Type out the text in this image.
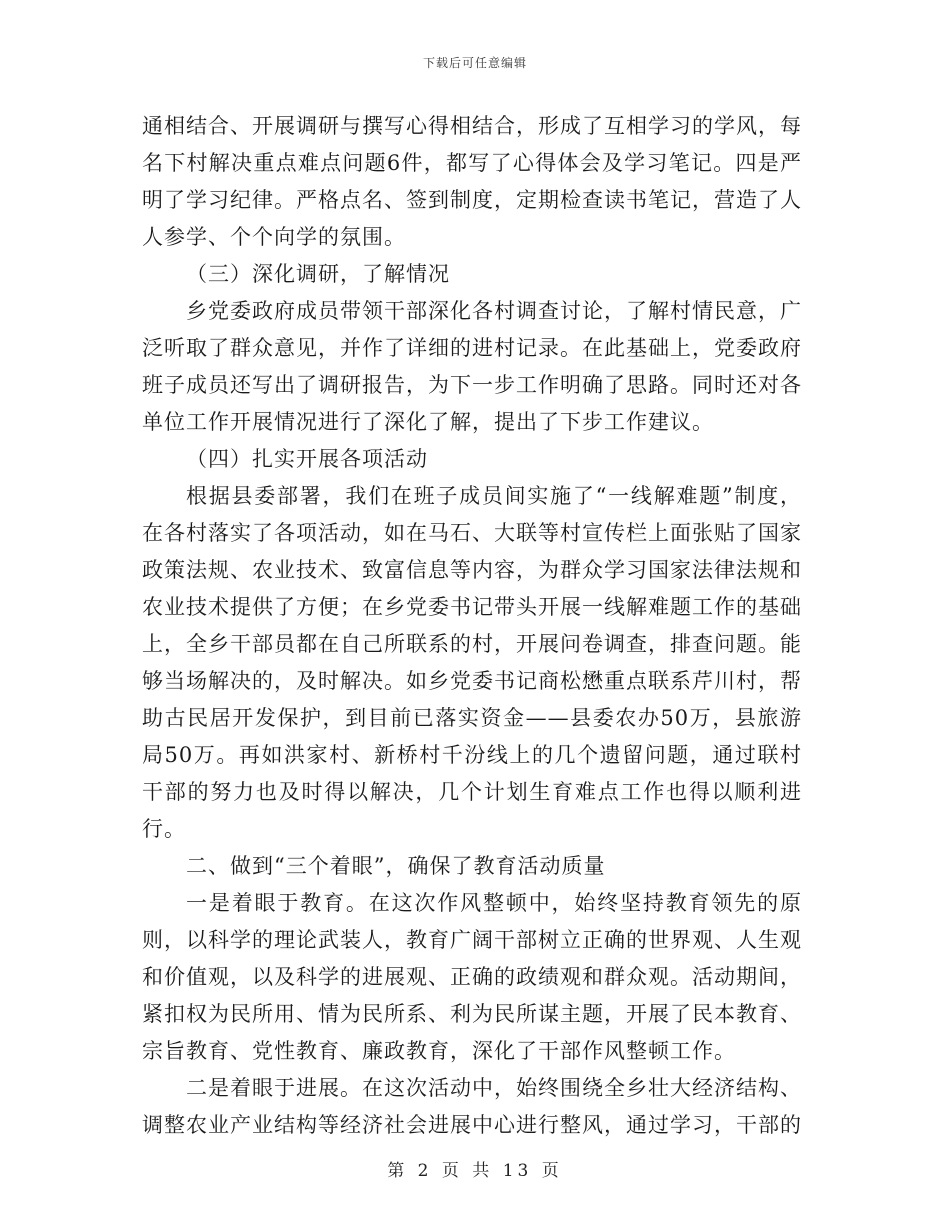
下载后可任意编辑

通相结合、开展调研与撰写心得相结合，形成了互相学习的学风，每名下村解决重点难点问题6件，都写了心得体会及学习笔记。四是严明了学习纪律。严格点名、签到制度，定期检查读书笔记，营造了人人参学、个个向学的氛围。

（三）深化调研，了解情况

乡党委政府成员带领干部深化各村调查讨论，了解村情民意，广泛听取了群众意见，并作了详细的进村记录。在此基础上，党委政府班子成员还写出了调研报告，为下一步工作明确了思路。同时还对各单位工作开展情况进行了深化了解，提出了下步工作建议。

（四）扎实开展各项活动

根据县委部署，我们在班子成员间实施了“一线解难题”制度，在各村落实了各项活动，如在马石、大联等村宣传栏上面张贴了国家政策法规、农业技术、致富信息等内容，为群众学习国家法律法规和农业技术提供了方便；在乡党委书记带头开展一线解难题工作的基础上，全乡干部员都在自己所联系的村，开展问卷调查，排查问题。能够当场解决的，及时解决。如乡党委书记商松懋重点联系芹川村，帮助古民居开发保护，到目前已落实资金——县委农办50万，县旅游局50万。再如洪家村、新桥村千汾线上的几个遗留问题，通过联村干部的努力也及时得以解决，几个计划生育难点工作也得以顺利进行。

二、做到“三个着眼”，确保了教育活动质量

一是着眼于教育。在这次作风整顿中，始终坚持教育领先的原则，以科学的理论武装人，教育广阔干部树立正确的世界观、人生观和价值观，以及科学的进展观、正确的政绩观和群众观。活动期间，紧扣权为民所用、情为民所系、利为民所谋主题，开展了民本教育、宗旨教育、党性教育、廉政教育，深化了干部作风整顿工作。

二是着眼于进展。在这次活动中，始终围绕全乡壮大经济结构、调整农业产业结构等经济社会进展中心进行整风，通过学习，干部的

第 2 页 共 13 页
